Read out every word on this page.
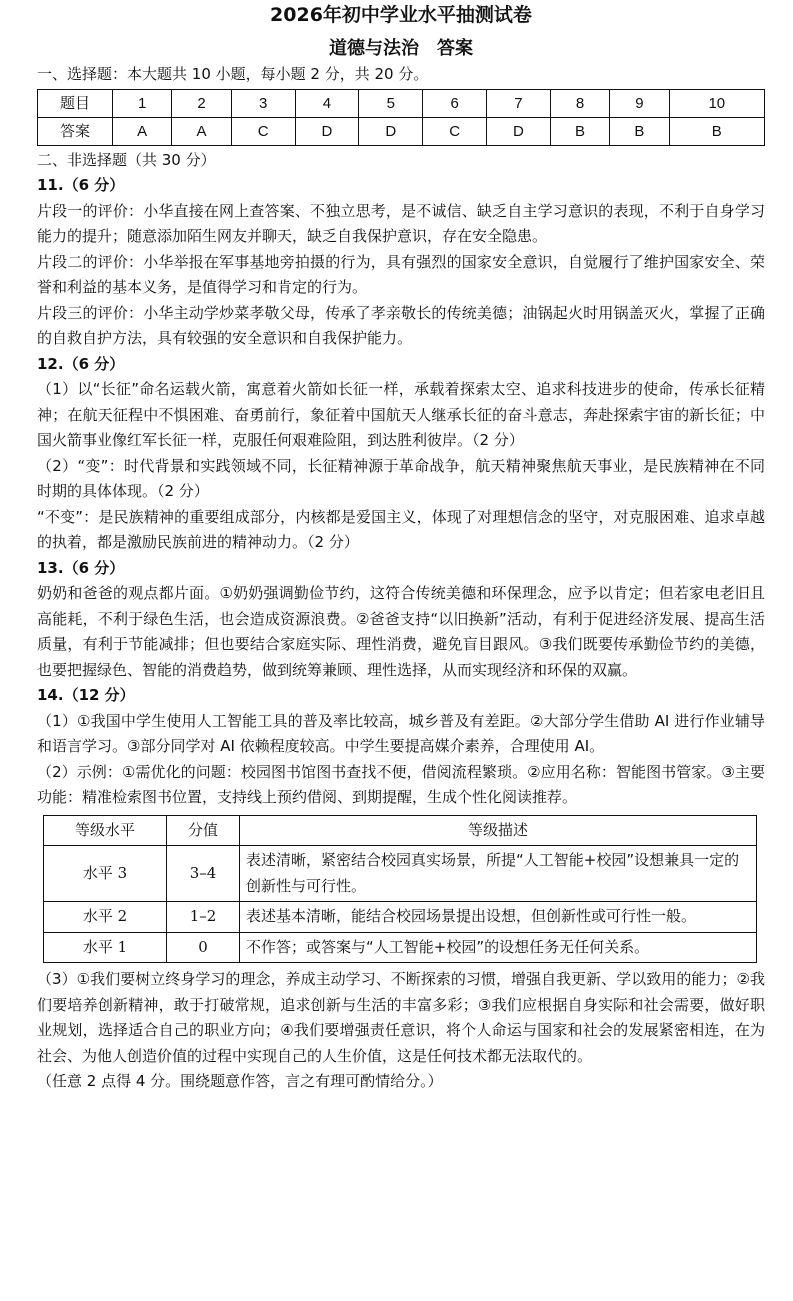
2026年初中学业水平抽测试卷
道德与法治　答案
一、选择题：本大题共 10 小题，每小题 2 分，共 20 分。
题目	1	2	3	4	5	6	7	8	9	10
答案	A	A	C	D	D	C	D	B	B	B
二、非选择题（共 30 分）
11.（6 分）

片段一的评价：小华直接在网上查答案、不独立思考，是不诚信、缺乏自主学习意识的表现，不利于自身学习能力的提升；随意添加陌生网友并聊天，缺乏自我保护意识，存在安全隐患。

片段二的评价：小华举报在军事基地旁拍摄的行为，具有强烈的国家安全意识，自觉履行了维护国家安全、荣誉和利益的基本义务，是值得学习和肯定的行为。

片段三的评价：小华主动学炒菜孝敬父母，传承了孝亲敬长的传统美德；油锅起火时用锅盖灭火，掌握了正确的自救自护方法，具有较强的安全意识和自我保护能力。

12.（6 分）

（1）以“长征”命名运载火箭，寓意着火箭如长征一样，承载着探索太空、追求科技进步的使命，传承长征精神；在航天征程中不惧困难、奋勇前行，象征着中国航天人继承长征的奋斗意志，奔赴探索宇宙的新长征；中国火箭事业像红军长征一样，克服任何艰难险阻，到达胜利彼岸。（2 分）

（2）“变”：时代背景和实践领域不同，长征精神源于革命战争，航天精神聚焦航天事业，是民族精神在不同时期的具体体现。（2 分）

“不变”：是民族精神的重要组成部分，内核都是爱国主义，体现了对理想信念的坚守，对克服困难、追求卓越的执着，都是激励民族前进的精神动力。（2 分）

13.（6 分）

奶奶和爸爸的观点都片面。①奶奶强调勤俭节约，这符合传统美德和环保理念，应予以肯定；但若家电老旧且高能耗，不利于绿色生活，也会造成资源浪费。②爸爸支持“以旧换新”活动，有利于促进经济发展、提高生活质量，有利于节能减排；但也要结合家庭实际、理性消费，避免盲目跟风。③我们既要传承勤俭节约的美德，也要把握绿色、智能的消费趋势，做到统筹兼顾、理性选择，从而实现经济和环保的双赢。

14.（12 分）

（1）①我国中学生使用人工智能工具的普及率比较高，城乡普及有差距。②大部分学生借助 AI 进行作业辅导和语言学习。③部分同学对 AI 依赖程度较高。中学生要提高媒介素养，合理使用 AI。

（2）示例：①需优化的问题：校园图书馆图书查找不便，借阅流程繁琐。②应用名称：智能图书管家。③主要功能：精准检索图书位置，支持线上预约借阅、到期提醒，生成个性化阅读推荐。

等级水平	分值	等级描述
水平 3	3–4	表述清晰，紧密结合校园真实场景，所提“人工智能+校园”设想兼具一定的创新性与可行性。
水平 2	1–2	表述基本清晰，能结合校园场景提出设想，但创新性或可行性一般。
水平 1	0	不作答；或答案与“人工智能+校园”的设想任务无任何关系。

（3）①我们要树立终身学习的理念，养成主动学习、不断探索的习惯，增强自我更新、学以致用的能力；②我们要培养创新精神，敢于打破常规，追求创新与生活的丰富多彩；③我们应根据自身实际和社会需要，做好职业规划，选择适合自己的职业方向；④我们要增强责任意识，将个人命运与国家和社会的发展紧密相连，在为社会、为他人创造价值的过程中实现自己的人生价值，这是任何技术都无法取代的。

（任意 2 点得 4 分。围绕题意作答，言之有理可酌情给分。）
